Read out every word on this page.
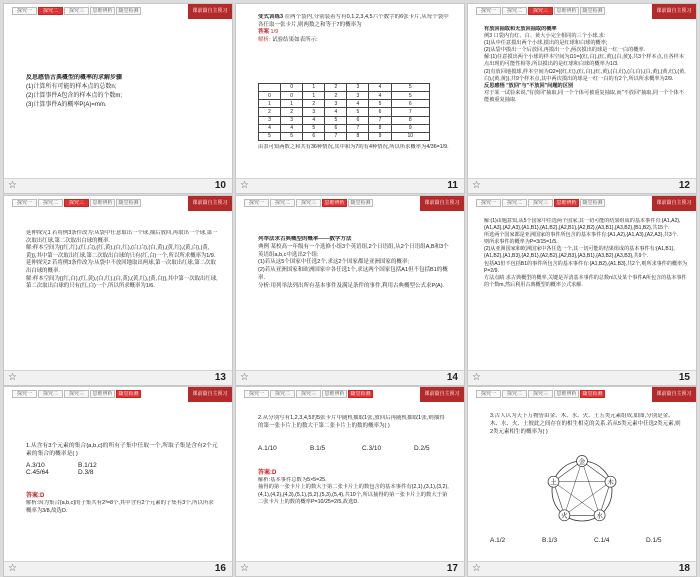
探究一	探究二	探究三	思维辨析	随堂检测	课前篇自主预习

反思感悟古典概型的概率的求解步骤

(1)计算所有可能的样本点的总数n;

(2)计算事件A包含的样本点的个数m;

(3)计算事件A的概率P(A)=m/n.

☆	10

变式训练3 在两个袋内,分别装着写有0,1,2,3,4,5六个数字的6张卡片,从每个袋中各任取一张卡片,则两数之和等于7的概率为

答案 1/9

解析: 试验结果如表所示:

	0	1	2	3	4	5
0	0	1	2	3	4	5
1	1	2	3	4	5	6
2	2	3	4	5	6	7
3	3	4	5	6	7	8
4	4	5	6	7	8	9
5	5	6	7	8	9	10

由表可知两数之和共有36种情况,其中和为7的有4种情况,所以所求概率为4/36=1/9.

☆	11
探究一	探究二	探究三	思维辨析	随堂检测	课前篇自主预习

有放回抽取和无放回抽取的概率

例3 口袋内有红、白、黄大小完全相同的三个小球,求:

(1)从中任意摸出两个小球,摸出的是红球和白球的概率;

(2)从袋中摸出一个后放回,再摸出一个,两次摸出的球是一红一白的概率.

解:(1)任意摸出两个小球的样本空间为Ω1={(红,白),(红,黄),(白,黄)},共3个样本点,且各样本点出现的可能性相等,所以摸出的是红球和白球的概率为1/3.

(2)有放回地摸球,样本空间为Ω2={(红,红),(红,白),(红,黄),(白,红),(白,白),(白,黄),(黄,红),(黄,白),(黄,黄)},共9个样本点,其中两次摸出的球是一红一白的有2个,所以所求概率为2/9.

反思感悟 "放回"与"不放回"问题的区别

对于某一试验来说,"有放回"抽取,同一个个体可被重复抽取,而"不放回"抽取,同一个个体不能被重复抽取.

☆	12
探究一	探究二	探究三	思维辨析	随堂检测	课前篇自主预习

延伸探究1 若将例3条件改为:从袋中任意取出一个球,抽后放回,再取出一个球,第一次取出红球,第二次取出白球的概率.

解:样本空间为{(红,红),(红,白),(红,黄),(白,红),(白,白),(白,黄),(黄,红),(黄,白),(黄,黄)},其中第一次取出红球,第二次取出白球的只有(红,白)一个,所以所求概率为1/9.

延伸探究2 若将例3条件改为:从袋中不放回地取出两球,第一次取出红球,第二次取出白球的概率.

解:样本空间为{(红,白),(红,黄),(白,红),(白,黄),(黄,红),(黄,白)},其中第一次取出红球,第二次取出白球的只有(红,白)一个,所以所求概率为1/6.

☆	13
探究一	探究二	探究三	思维辨析	随堂检测	课前篇自主预习

列举法求古典概型的概率——数学方法

典例 某校高一年级有一个选修小组3个英语组,2个日语组,从2个日语组A,B和3个英语组a,b,c中选出2个组:

(1)若从这5个国家中任选2个,求这2个国家都是亚洲国家的概率;

(2)若从亚洲国家和欧洲国家中各任选1个,求这两个国家包括A1但不包括B1的概率.

分析:用列举法列出所有基本事件及满足条件的事件,利用古典概型公式求P(A).

☆	14
探究一	探究二	探究三	思维辨析	随堂检测	课前篇自主预习

解:(1)由题意知,从5个国家中任选两个国家,其一切可能的结果组成的基本事件有:{A1,A2},{A1,A3},{A2,A3},{A1,B1},{A1,B2},{A2,B1},{A2,B2},{A3,B1},{A3,B2},{B1,B2},共15个.

所选两个国家都是亚洲国家的事件所包含的基本事件有:{A1,A2},{A1,A3},{A2,A3},共3个.

则所求事件的概率为P=3/15=1/5.

(2)从亚洲国家和欧洲国家中各任选一个,其一切可能的结果组成的基本事件有:{A1,B1},{A1,B2},{A1,B3},{A2,B1},{A2,B2},{A2,B3},{A3,B1},{A3,B2},{A3,B3},共9个.

包括A1但不包括B1的事件所包含的基本事件有:{A1,B2},{A1,B3},共2个,则所求事件的概率为P=2/9.

方法点睛 求古典概型的概率,关键是弄清基本事件的总数n以及某个事件A所包含的基本事件的个数m,然后利用古典概型的概率公式求解.

☆	15
探究一	探究二	探究三	思维辨析	随堂检测	课前篇自主预习

1.从含有3个元素的集合{a,b,c}的所有子集中任取一个,所取子集是含有2个元素的集合的概率是( )

A.3/10	B.1/12
C.45/64	D.3/8
答案:D

解析:因为集合{a,b,c}的子集共有2³=8个,其中含有2个元素的子集有3个,所以所求概率为3/8,故选D.

☆	16
探究一	探究二	探究三	思维辨析	随堂检测	课前篇自主预习

2.从分别写有1,2,3,4,5的5张卡片中随机抽取1张,放回后再随机抽取1张,则抽得的第一张卡片上的数大于第二张卡片上的数的概率为( )

A.1/10	B.1/5	C.3/10	D.2/5
答案:D

解析:基本事件总数为5×5=25.

抽得的第一张卡片上的数大于第二张卡片上的数包含的基本事件有(2,1),(3,1),(3,2),(4,1),(4,2),(4,3),(5,1),(5,2),(5,3),(5,4),共10个,所以抽得的第一张卡片上的数大于第二张卡片上的数的概率P=10/25=2/5,故选D.

☆	17
探究一	探究二	探究三	思维辨析	随堂检测	课前篇自主预习

3.古人认为天下万物皆由金、木、水、火、土五类元素组成,如图,分别是金、木、水、火、土彼此之间存在的相生相克的关系.若从5类元素中任选2类元素,则2类元素相生的概率为( )

金
木
水
火
土
A.1/2	B.1/3	C.1/4	D.1/5
☆	18
